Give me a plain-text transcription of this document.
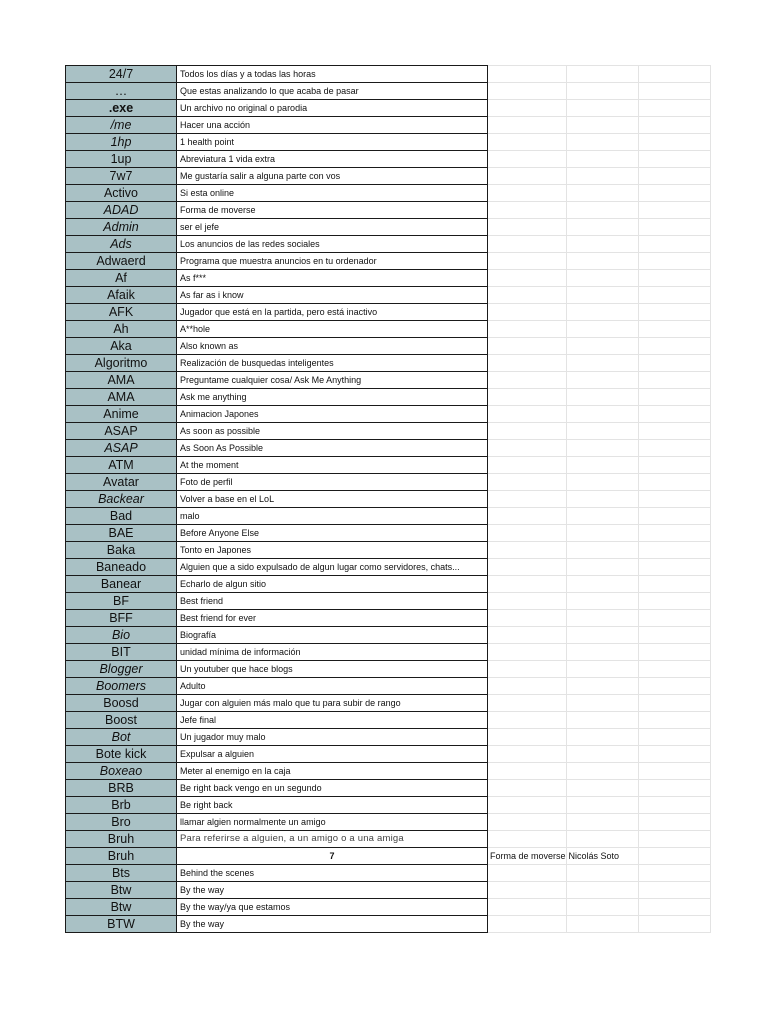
24/7	Todos los días y a todas las horas			
…	Que estas analizando lo que acaba de pasar			
.exe	Un archivo no original o parodia			
/me	Hacer una acción			
1hp	1 health point			
1up	Abreviatura 1 vida extra			
7w7	Me gustaría salir a alguna parte con vos			
Activo	Si esta online			
ADAD	Forma de moverse			
Admin	ser el jefe			
Ads	Los anuncios de las redes sociales			
Adwaerd	Programa que muestra anuncios en tu ordenador			
Af	As f***			
Afaik	As far as i know			
AFK	Jugador que está en la partida, pero está inactivo			
Ah	A**hole			
Aka	Also known as			
Algoritmo	Realización de busquedas inteligentes			
AMA	Preguntame cualquier cosa/ Ask Me Anything			
AMA	Ask me anything			
Anime	Animacion Japones			
ASAP	As soon as possible			
ASAP	As Soon As Possible			
ATM	At the moment			
Avatar	Foto de perfil			
Backear	Volver a base en el LoL			
Bad	malo			
BAE	Before Anyone Else			
Baka	Tonto en Japones			
Baneado	Alguien que a sido expulsado de algun lugar como servidores, chats...			
Banear	Echarlo de algun sitio			
BF	Best friend			
BFF	Best friend for ever			
Bio	Biografía			
BIT	unidad mínima de información			
Blogger	Un youtuber que hace blogs			
Boomers	Adulto			
Boosd	Jugar con alguien más malo que tu para subir de rango			
Boost	Jefe final			
Bot	Un jugador muy malo			
Bote kick	Expulsar a alguien			
Boxeao	Meter al enemigo en la caja			
BRB	Be right back vengo en un segundo			
Brb	Be right back			
Bro	llamar algien normalmente un amigo			
Bruh	Para referirse a alguien, a un amigo o a una amiga			
Bruh	7	Forma de moverse	Nicolás Soto	
Bts	Behind the scenes			
Btw	By the way			
Btw	By the way/ya que estamos			
BTW	By the way			
